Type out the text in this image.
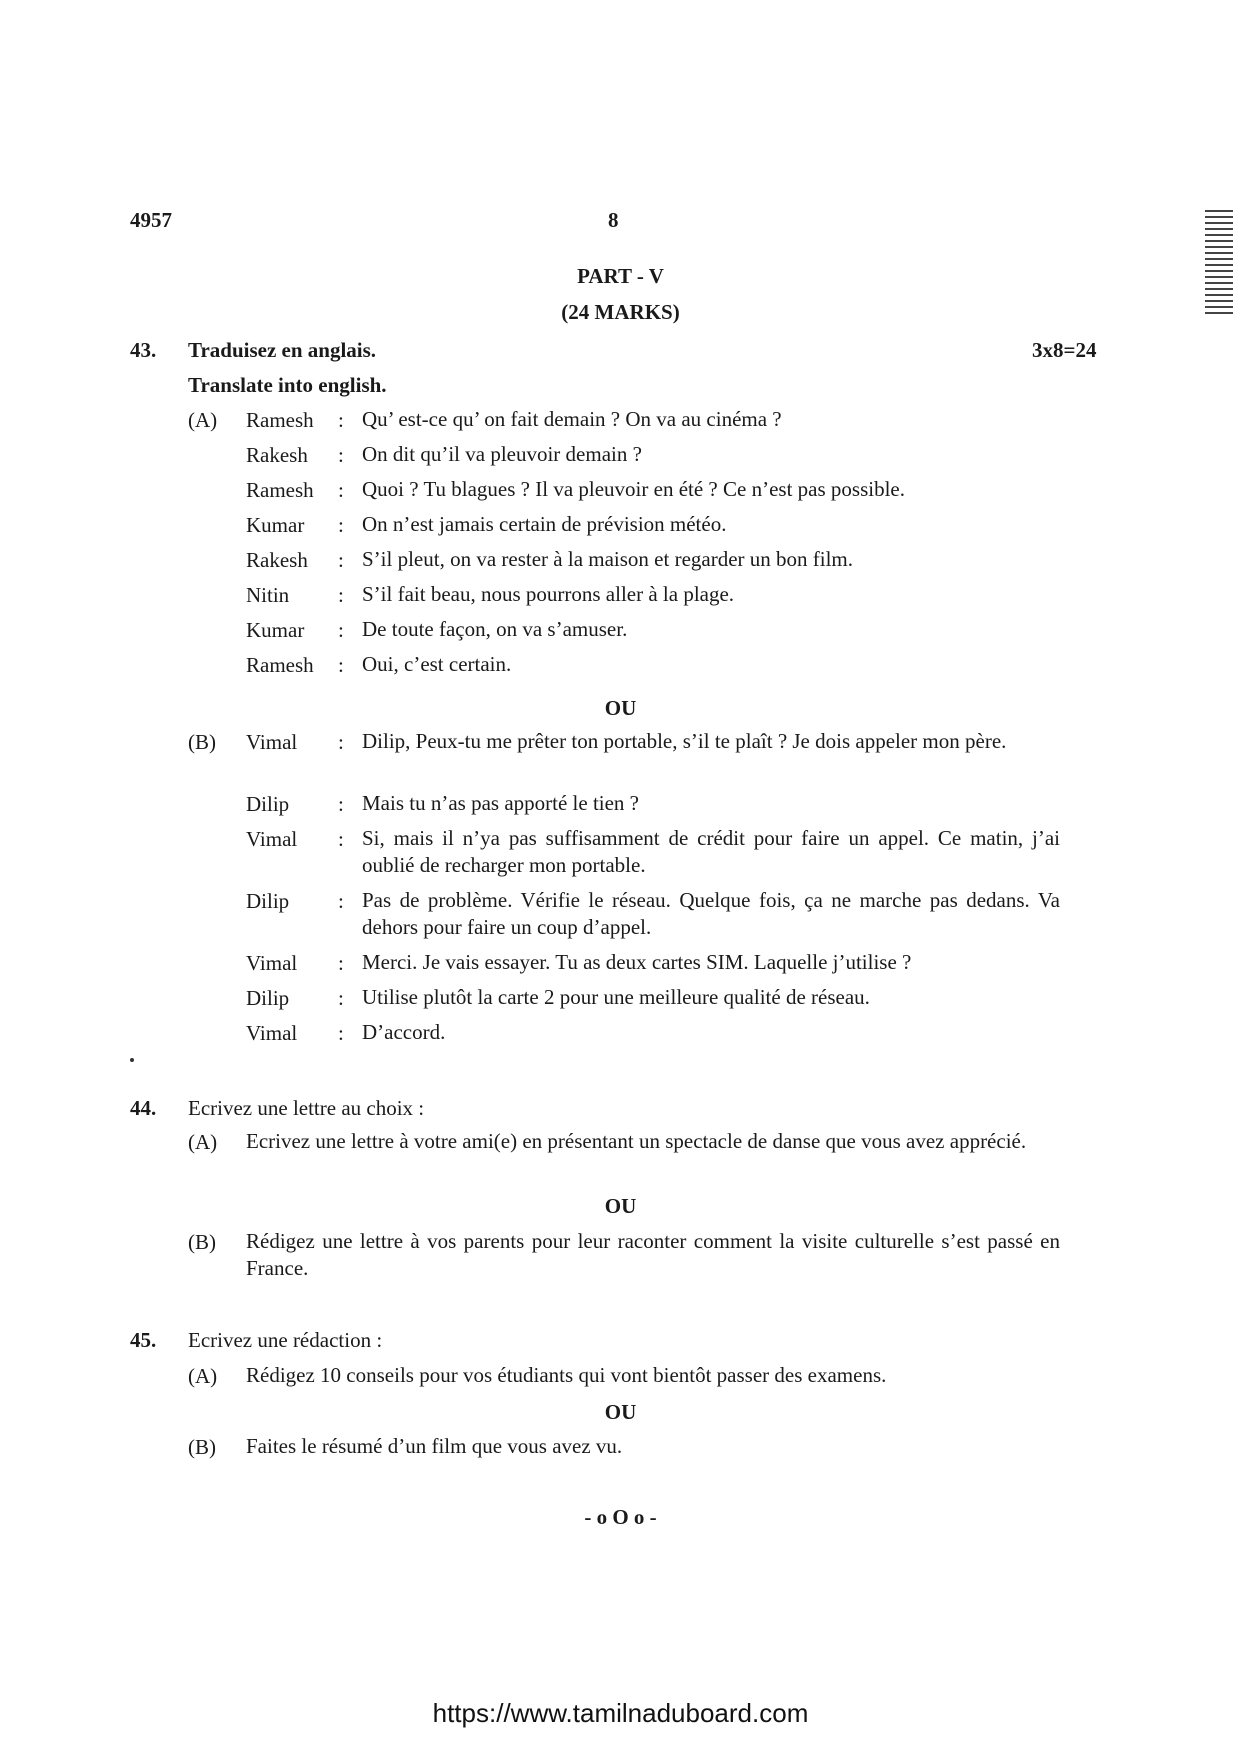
4957	8
PART - V
(24 MARKS)
43. Traduisez en anglais.	3x8=24
Translate into english.
(A) Ramesh : Qu’ est-ce qu’ on fait demain ? On va au cinéma ?
Rakesh : On dit qu’il va pleuvoir demain ?
Ramesh : Quoi ? Tu blagues ? Il va pleuvoir en été ? Ce n’est pas possible.
Kumar : On n’est jamais certain de prévision météo.
Rakesh : S’il pleut, on va rester à la maison et regarder un bon film.
Nitin : S’il fait beau, nous pourrons aller à la plage.
Kumar : De toute façon, on va s’amuser.
Ramesh : Oui, c’est certain.
OU
(B) Vimal : Dilip, Peux-tu me prêter ton portable, s’il te plaît ? Je dois appeler mon père.
Dilip : Mais tu n’as pas apporté le tien ?
Vimal : Si, mais il n’ya pas suffisamment de crédit pour faire un appel. Ce matin, j’ai oublié de recharger mon portable.
Dilip : Pas de problème. Vérifie le réseau. Quelque fois, ça ne marche pas dedans. Va dehors pour faire un coup d’appel.
Vimal : Merci. Je vais essayer. Tu as deux cartes SIM. Laquelle j’utilise ?
Dilip : Utilise plutôt la carte 2 pour une meilleure qualité de réseau.
Vimal : D’accord.
44. Ecrivez une lettre au choix :
(A) Ecrivez une lettre à votre ami(e) en présentant un spectacle de danse que vous avez apprécié.
OU
(B) Rédigez une lettre à vos parents pour leur raconter comment la visite culturelle s’est passé en France.
45. Ecrivez une rédaction :
(A) Rédigez 10 conseils pour vos étudiants qui vont bientôt passer des examens.
OU
(B) Faites le résumé d’un film que vous avez vu.
- o O o -
https://www.tamilnaduboard.com
